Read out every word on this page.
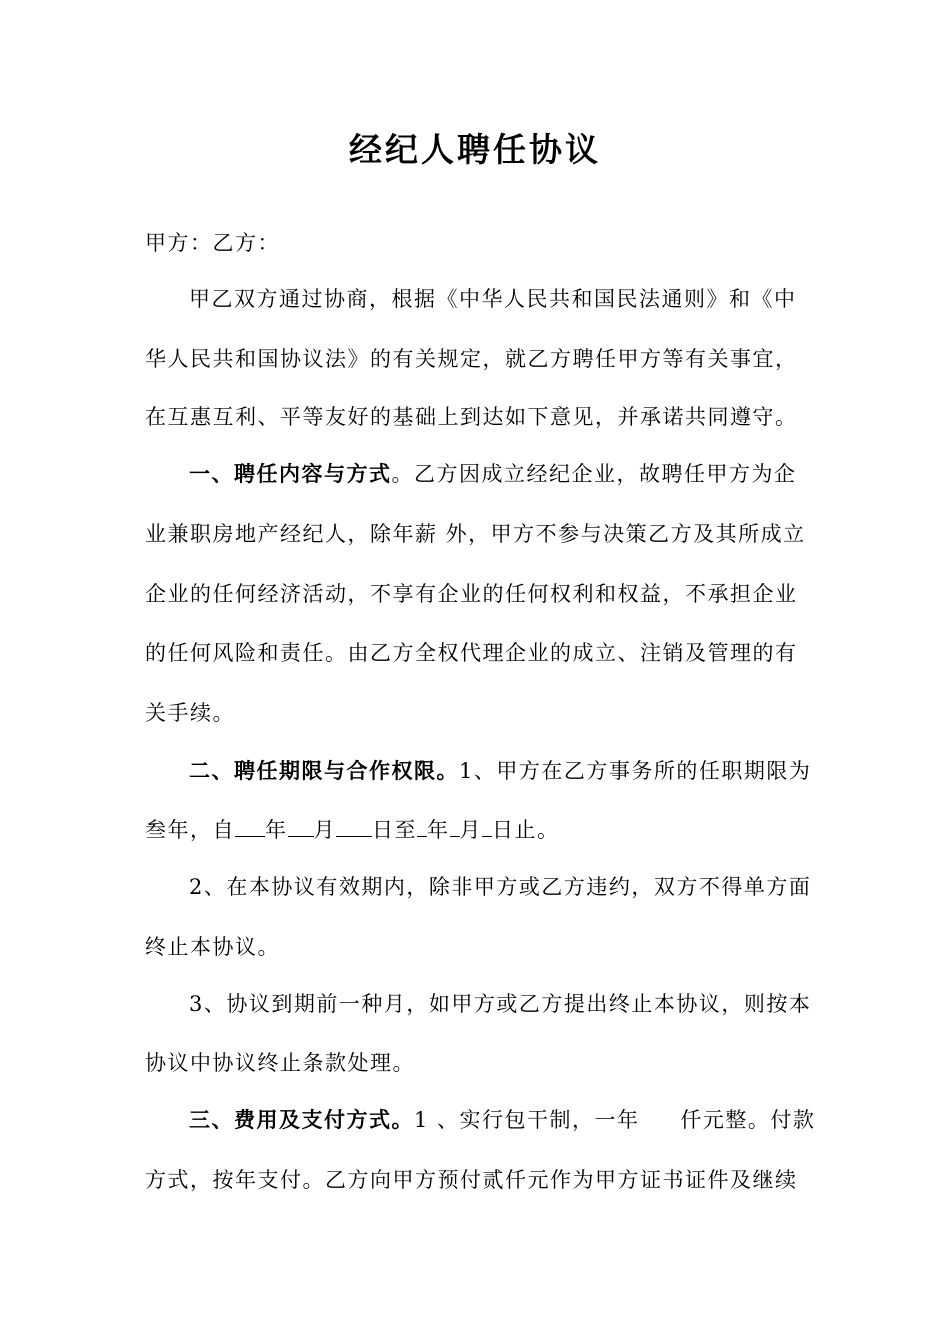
经纪人聘任协议
甲方：乙方：
甲乙双方通过协商，根据《中华人民共和国民法通则》和《中
华人民共和国协议法》的有关规定，就乙方聘任甲方等有关事宜，
在互惠互利、平等友好的基础上到达如下意见，并承诺共同遵守。
一、聘任内容与方式。乙方因成立经纪企业，故聘任甲方为企
业兼职房地产经纪人，除年薪 外，甲方不参与决策乙方及其所成立
企业的任何经济活动，不享有企业的任何权利和权益，不承担企业
的任何风险和责任。由乙方全权代理企业的成立、注销及管理的有
关手续。
二、聘任期限与合作权限。1、甲方在乙方事务所的任职期限为
叁年，自 年 月 日至 年 月 日止。
2、在本协议有效期内，除非甲方或乙方违约，双方不得单方面
终止本协议。
3、协议到期前一种月，如甲方或乙方提出终止本协议，则按本
协议中协议终止条款处理。
三、费用及支付方式。1 、实行包干制，一年     仟元整。付款
方式，按年支付。乙方向甲方预付贰仟元作为甲方证书证件及继续
